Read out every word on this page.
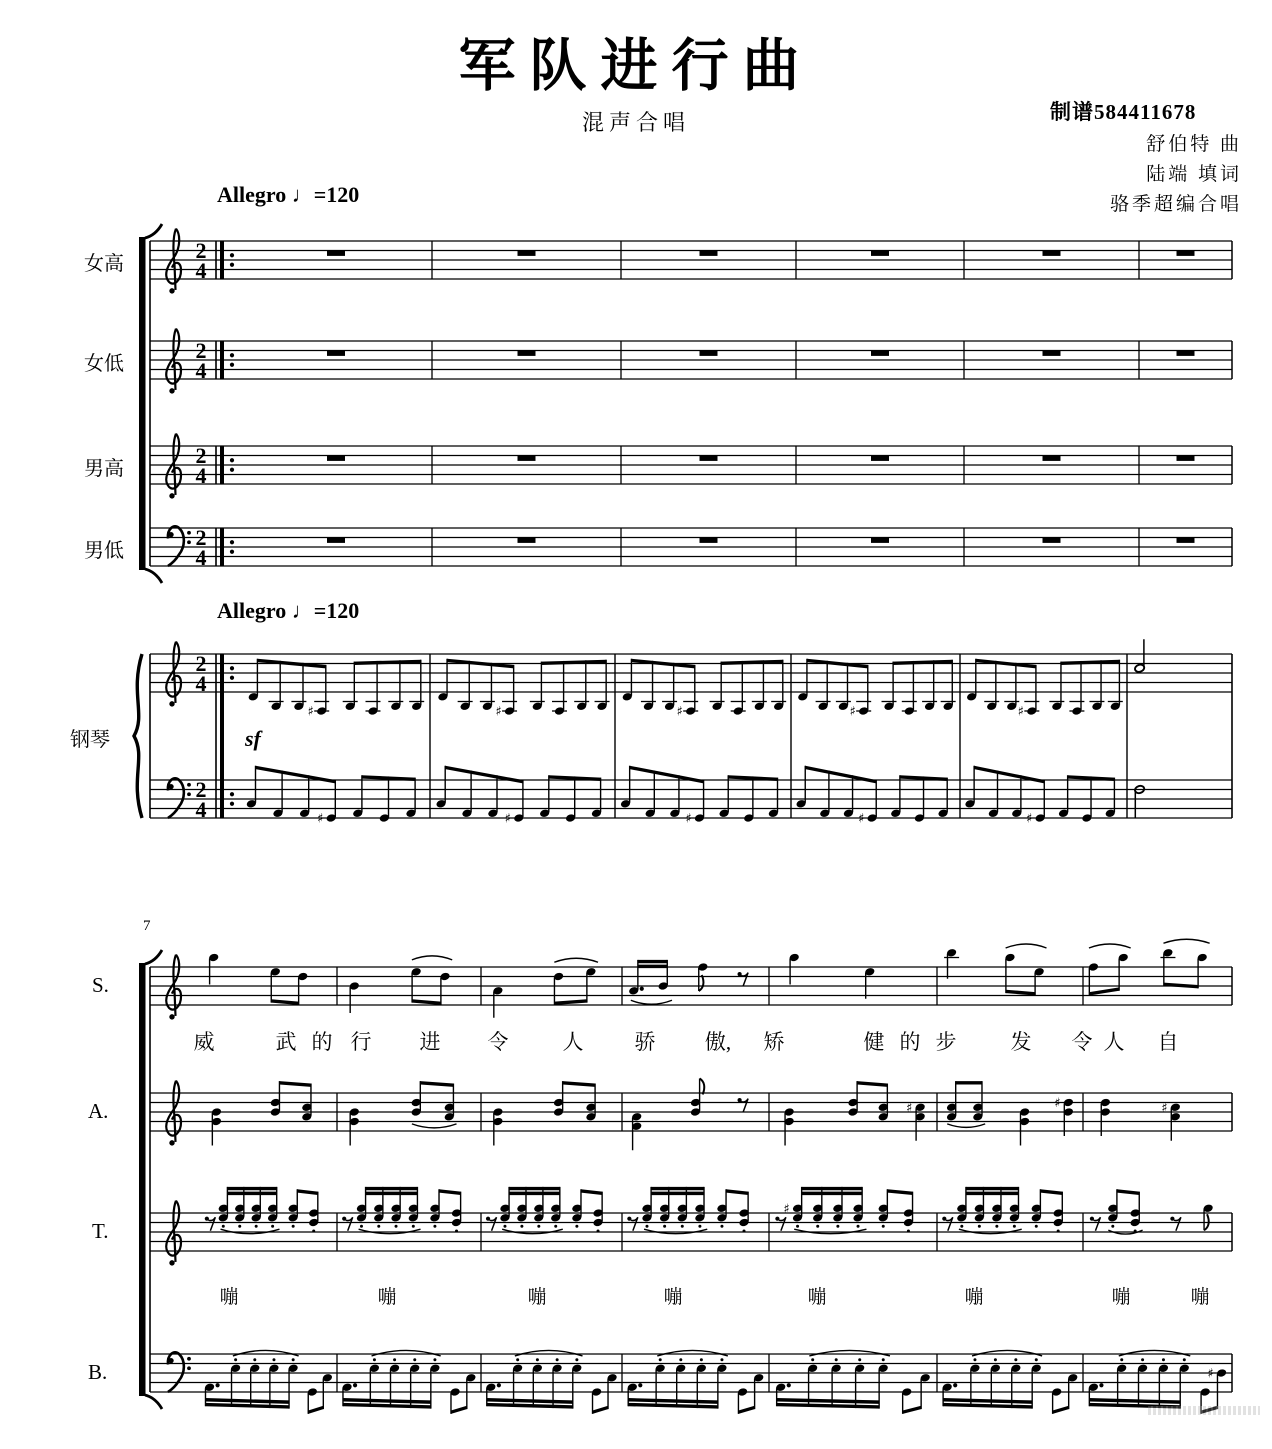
2
4
2
4
2
4
2
4
2
4
♯	♯	♯	♯	♯
2
4	♯	♯	♯	♯	♯
♯	♯	♯
♯
♯
军队进行曲
混声合唱	制谱584411678
舒伯特 曲
陆端 填词
骆季超编合唱
Allegro ♩=120
Allegro ♩=120
sf
7
女高
女低
男高
男低
钢琴
S.
A.
T.
B.
威	武 的 行 进 令	人 骄 傲, 矫	健 的 步	发 令 人 自
嘣	嘣	嘣	嘣	嘣	嘣	嘣	嘣
